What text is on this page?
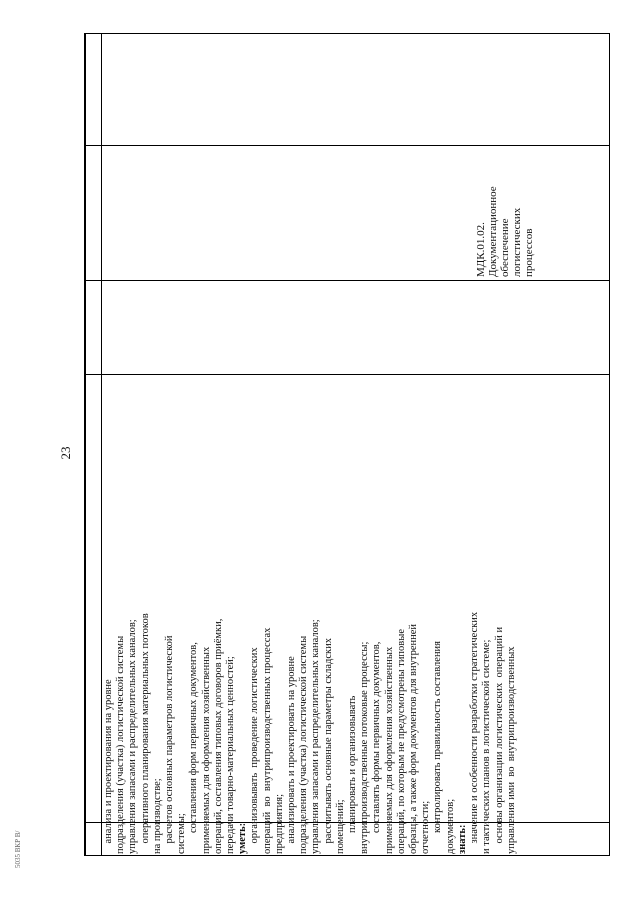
23
5035 ВКР В/	анализа и проектирования на уровне подразделения (участка) логистической системы управления запасами и распределительных каналов; оперативного планирования материальных потоков на производстве; расчетов основных параметров логистической системы; составления форм первичных документов, применяемых для оформления хозяйственных операций, составления типовых договоров приёмки, передачи товарно-материальных ценностей; уметь: организовывать  проведение логистических операций  во  внутрипроизводственных процессах предприятия; анализировать и проектировать на уровне подразделения (участка) логистической системы управления запасами и распределительных каналов; рассчитывать основные параметры складских помещений; планировать и организовывать внутрипроизводственные потоковые процессы; составлять формы первичных документов, применяемых для оформления хозяйственных операций, по которым не предусмотрены типовые образцы, а также форм документов для внутренней отчетности; контролировать правильность составления документов; знать: значение и особенности разработки стратегических и тактических планов в логистической системе; основы организации логистических  операций и управления ими  во  внутрипроизводственных
МДК.01.02. Документационное обеспечение логистических процессов
